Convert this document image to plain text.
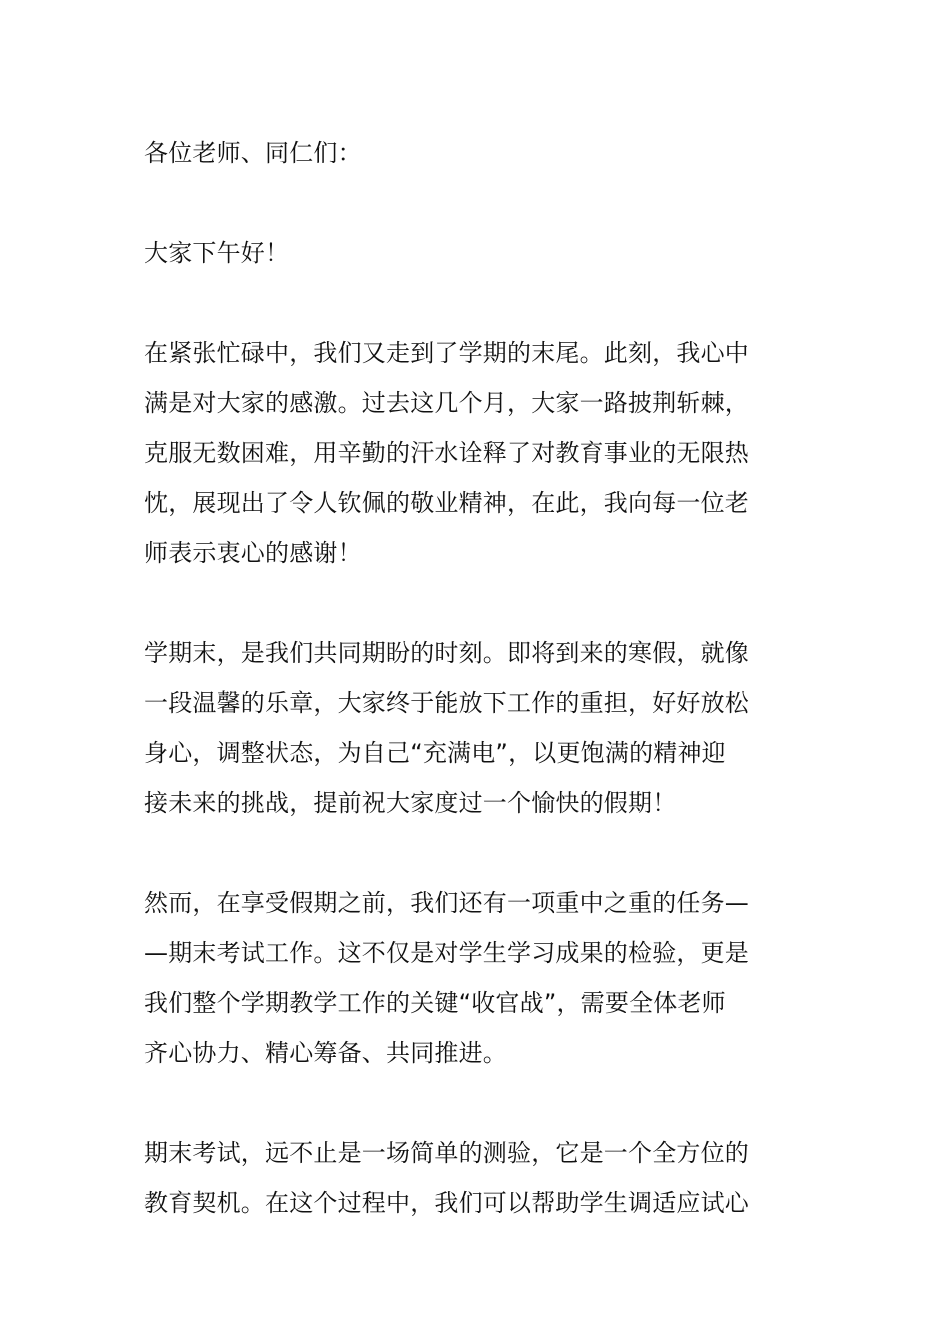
各位老师、同仁们：

大家下午好！

在紧张忙碌中，我们又走到了学期的末尾。此刻，我心中
满是对大家的感激。过去这几个月，大家一路披荆斩棘，
克服无数困难，用辛勤的汗水诠释了对教育事业的无限热
忱，展现出了令人钦佩的敬业精神，在此，我向每一位老
师表示衷心的感谢！

学期末，是我们共同期盼的时刻。即将到来的寒假，就像
一段温馨的乐章，大家终于能放下工作的重担，好好放松
身心，调整状态，为自己“充满电”，以更饱满的精神迎
接未来的挑战，提前祝大家度过一个愉快的假期！

然而，在享受假期之前，我们还有一项重中之重的任务—
—期末考试工作。这不仅是对学生学习成果的检验，更是
我们整个学期教学工作的关键“收官战”，需要全体老师
齐心协力、精心筹备、共同推进。

期末考试，远不止是一场简单的测验，它是一个全方位的
教育契机。在这个过程中，我们可以帮助学生调适应试心
